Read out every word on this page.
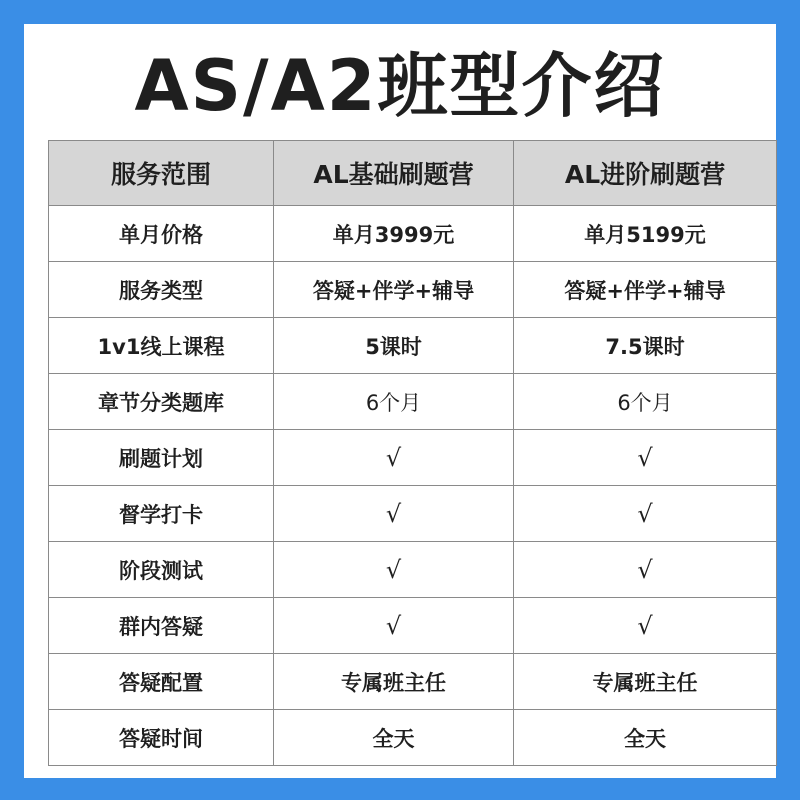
AS/A2班型介绍
服务范围	AL基础刷题营	AL进阶刷题营
单月价格	单月3999元	单月5199元
服务类型	答疑+伴学+辅导	答疑+伴学+辅导
1v1线上课程	5课时	7.5课时
章节分类题库	6个月	6个月
刷题计划	√	√
督学打卡	√	√
阶段测试	√	√
群内答疑	√	√
答疑配置	专属班主任	专属班主任
答疑时间	全天	全天
